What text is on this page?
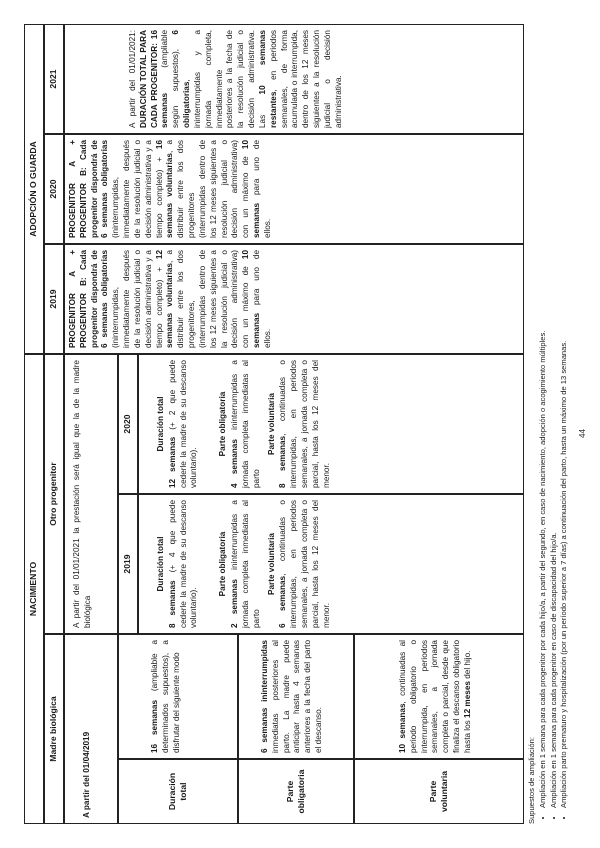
NACIMIENTO
ADOPCIÓN O GUARDA
Madre biológica
Otro progenitor
A partir del 01/04/2019	Duración total
16 semanas (ampliable a determinados supuestos), a disfrutar del siguiente modo
Parte obligatoria
6 semanas ininterrumpidas inmediatas posteriores al parto. La madre puede anticipar hasta 4 semanas anteriores a la fecha del parto el descanso.
Parte voluntaria
10 semanas, continuadas al periodo obligatorio o interrumpida, en periodos semanales, a jornada completa o parcial, desde que finaliza el descanso obligatorio hasta los 12 meses del hijo.
A partir del 01/01/2021 la prestación será igual que la de la madre biológica
2019
2020
Duración total

8 semanas (+ 4 que puede cederle la madre de su descanso voluntario).

Parte obligatoria

2 semanas ininterrumpidas a jornada completa inmediatas al parto

Parte voluntaria

6 semanas, continuadas o interrumpidas, en periodos semanales, a jornada completa o parcial, hasta los 12 meses del menor.

Duración total

12 semanas (+ 2 que puede cederle la madre de su descanso voluntario).

Parte obligatoria

4 semanas ininterrumpidas a jornada completa inmediatas al parto

Parte voluntaria

8 semanas, continuadas o interrumpidas, en periodos semanales, a jornada completa o parcial, hasta los 12 meses del menor.

2019
2020
2021
PROGENITOR A + PROGENITOR B: Cada progenitor dispondrá de 6 semanas obligatorias (ininterrumpidas, inmediatamente después de la resolución judicial o decisión administrativa y a tiempo completo) + 12 semanas voluntarias, a distribuir entre los dos progenitores, (interrumpidas dentro de los 12 meses siguientes a la resolución judicial o decisión administrativa) con un máximo de 10 semanas para uno de ellos.
PROGENITOR A + PROGENITOR B: Cada progenitor dispondrá de 6 semanas obligatorias (ininterrumpidas, inmediatamente después de la resolución judicial o decisión administrativa y a tiempo completo) + 16 semanas voluntarias, a distribuir entre los dos progenitores (interrumpidas dentro de los 12 meses siguientes a resolución judicial o decisión administrativa) con un máximo de 10 semanas para uno de ellos.
A partir del 01/01/2021: DURACIÓN TOTAL PARA CADA PROGENITOR: 16 semanas (ampliable según supuestos), 6 obligatorias, ininterrumpidas y a jornada completa, inmediatamente posteriores a la fecha de la resolución judicial o decisión administrativa. Las 10 semanas restantes, en periodos semanales, de forma acumulada o interrumpida, dentro de los 12 meses siguientes a la resolución judicial o decisión administrativa.
Supuestos de ampliación: • Ampliación en 1 semana para cada progenitor por cada hijo/a, a partir del segundo, en caso de nacimiento, adopción o acogimiento múltiples. • Ampliación en 1 semana para cada progenitor en caso de discapacidad del hijo/a. • Ampliación parto prematuro y hospitalización (por un período superior a 7 días) a continuación del parto, hasta un máximo de 13 semanas. 44
